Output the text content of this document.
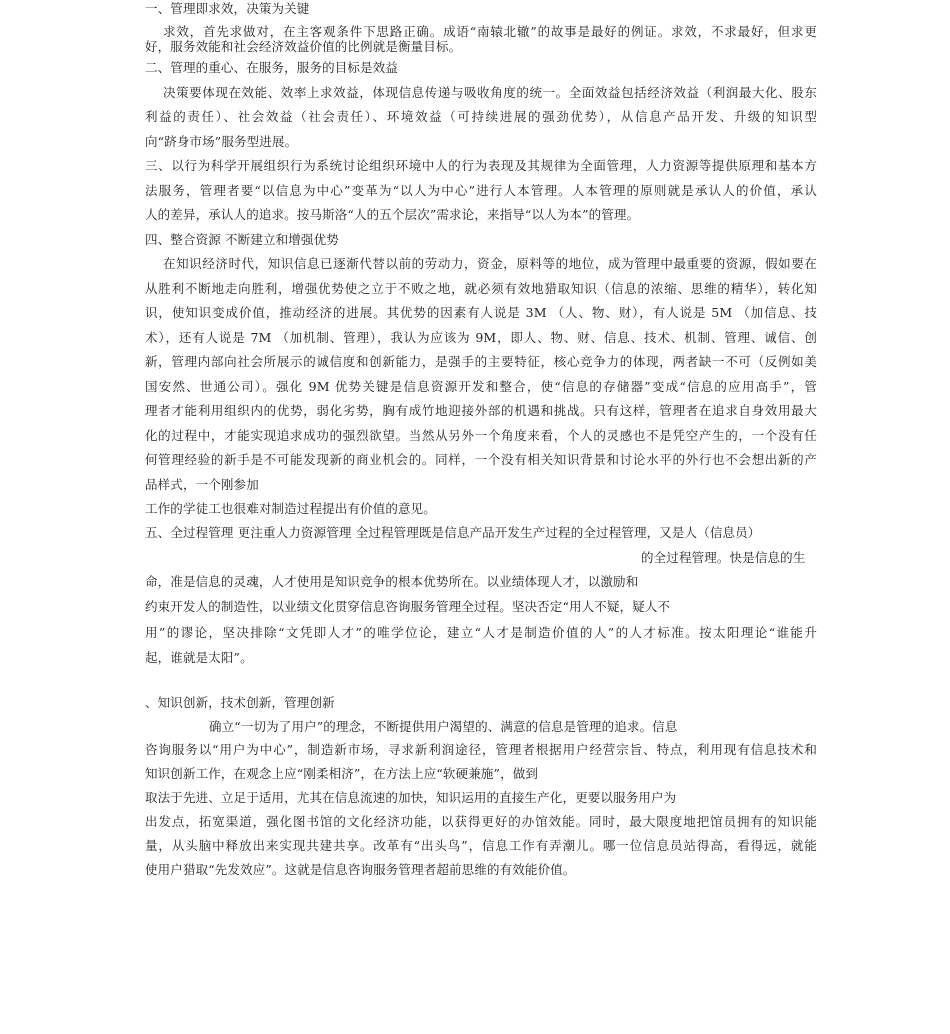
一、管理即求效，决策为关键
求效，首先求做对，在主客观条件下思路正确。成语“南辕北辙”的故事是最好的例证。求效，不求最好，但求更
好，服务效能和社会经济效益价值的比例就是衡量目标。
二、管理的重心、在服务，服务的目标是效益
决策要体现在效能、效率上求效益，体现信息传递与吸收角度的统一。全面效益包括经济效益（利润最大化、股东
利益的责任）、社会效益（社会责任）、环境效益（可持续进展的强劲优势），从信息产品开发、升级的知识型
向“跻身市场”服务型进展。
三、以行为科学开展组织行为系统讨论组织环境中人的行为表现及其规律为全面管理，人力资源等提供原理和基本方
法服务，管理者要“以信息为中心”变革为“以人为中心”进行人本管理。人本管理的原则就是承认人的价值，承认
人的差异，承认人的追求。按马斯洛“人的五个层次”需求论，来指导“以人为本”的管理。
四、整合资源 不断建立和增强优势
在知识经济时代，知识信息已逐渐代替以前的劳动力，资金，原料等的地位，成为管理中最重要的资源，假如要在
从胜利不断地走向胜利，增强优势使之立于不败之地，就必须有效地猎取知识（信息的浓缩、思维的精华），转化知
识，使知识变成价值，推动经济的进展。其优势的因素有人说是 3M （人、物、财），有人说是 5M （加信息、技
术），还有人说是 7M （加机制、管理），我认为应该为 9M，即人、物、财、信息、技术、机制、管理、诚信、创
新，管理内部向社会所展示的诚信度和创新能力，是强手的主要特征，核心竞争力的体现，两者缺一不可（反例如美
国安然、世通公司）。强化 9M 优势关键是信息资源开发和整合，使“信息的存储器”变成“信息的应用高手”，管
理者才能利用组织内的优势，弱化劣势，胸有成竹地迎接外部的机遇和挑战。只有这样，管理者在追求自身效用最大
化的过程中，才能实现追求成功的强烈欲望。当然从另外一个角度来看，个人的灵感也不是凭空产生的，一个没有任
何管理经验的新手是不可能发现新的商业机会的。同样，一个没有相关知识背景和讨论水平的外行也不会想出新的产
品样式，一个刚参加
工作的学徒工也很难对制造过程提出有价值的意见。
五、全过程管理 更注重人力资源管理 全过程管理既是信息产品开发生产过程的全过程管理，又是人（信息员）
的全过程管理。快是信息的生
命，准是信息的灵魂，人才使用是知识竞争的根本优势所在。以业绩体现人才，以激励和
约束开发人的制造性，以业绩文化贯穿信息咨询服务管理全过程。坚决否定“用人不疑，疑人不
用”的谬论，坚决排除“文凭即人才”的唯学位论，建立“人才是制造价值的人”的人才标准。按太阳理论“谁能升
起，谁就是太阳”。
、知识创新，技术创新，管理创新
确立“一切为了用户”的理念，不断提供用户渴望的、满意的信息是管理的追求。信息
咨询服务以“用户为中心”，制造新市场，寻求新利润途径，管理者根据用户经营宗旨、特点，利用现有信息技术和
知识创新工作，在观念上应“刚柔相济”，在方法上应“软硬兼施”，做到
取法于先进、立足于适用，尤其在信息流速的加快，知识运用的直接生产化，更要以服务用户为
出发点，拓宽渠道，强化图书馆的文化经济功能，以获得更好的办馆效能。同时，最大限度地把馆员拥有的知识能
量，从头脑中释放出来实现共建共享。改革有“出头鸟”，信息工作有弄潮儿。哪一位信息员站得高，看得远，就能
使用户猎取“先发效应”。这就是信息咨询服务管理者超前思维的有效能价值。
